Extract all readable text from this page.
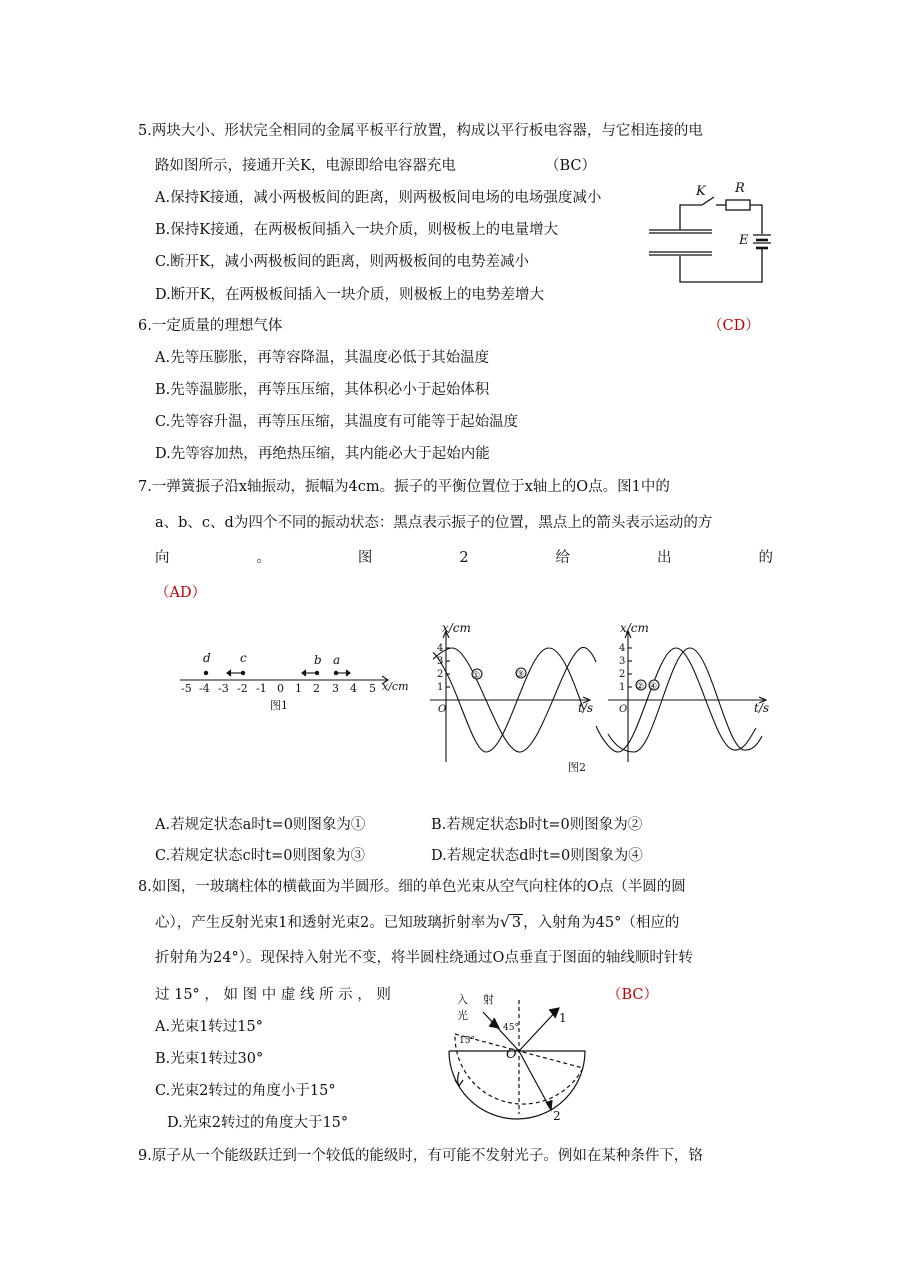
5.两块大小、形状完全相同的金属平板平行放置，构成以平行板电容器，与它相连接的电
路如图所示，接通开关K，电源即给电容器充电	（BC）
A.保持K接通，减小两极板间的距离，则两极板间电场的电场强度减小
B.保持K接通，在两极板间插入一块介质，则极板上的电量增大
C.断开K，减小两极板间的距离，则两极板间的电势差减小
D.断开K，在两极板间插入一块介质，则极板上的电势差增大
K R
E
6.一定质量的理想气体	（CD）
A.先等压膨胀，再等容降温，其温度必低于其始温度
B.先等温膨胀，再等压压缩，其体积必小于起始体积
C.先等容升温，再等压压缩，其温度有可能等于起始温度
D.先等容加热，再绝热压缩，其内能必大于起始内能
7.一弹簧振子沿x轴振动，振幅为4cm。振子的平衡位置位于x轴上的O点。图1中的
a、b、c、d为四个不同的振动状态：黑点表示振子的位置，黑点上的箭头表示运动的方
向	。	图	2	给	出	的
（AD）
-5 -4 -3 -2 -1 0 1 2 3 4 5 x/cm
d c	b a
图1
x/cm
4
3
2
1
O	t/s
①	③
x/cm
4
3
2
1
O	t/s
② ④
图2
A.若规定状态a时t=0则图象为①	B.若规定状态b时t=0则图象为②
C.若规定状态c时t=0则图象为③	D.若规定状态d时t=0则图象为④
8.如图，一玻璃柱体的横截面为半圆形。细的单色光束从空气向柱体的O点（半圆的圆
心），产生反射光束1和透射光束2。已知玻璃折射率为√ 3 ，入射角为45°（相应的
折射角为24°）。现保持入射光不变，将半圆柱绕通过O点垂直于图面的轴线顺时针转
过 15° ， 如 图 中 虚 线 所 示 ， 则	（BC）
A.光束1转过15°
B.光束1转过30°
C.光束2转过的角度小于15°
D.光束2转过的角度大于15°
入 射
光
45°
15°
O
1
2
9.原子从一个能级跃迁到一个较低的能级时，有可能不发射光子。例如在某种条件下，铬
